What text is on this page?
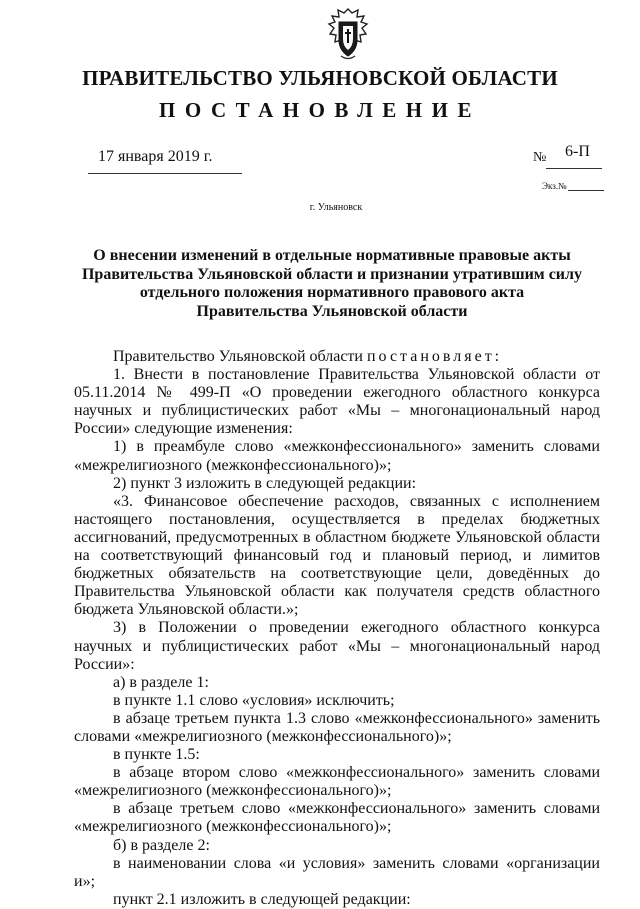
ПРАВИТЕЛЬСТВО УЛЬЯНОВСКОЙ ОБЛАСТИ
ПОСТАНОВЛЕНИЕ
17 января 2019 г.	№ 6-П
Экз.№
г. Ульяновск
О внесении изменений в отдельные нормативные правовые акты
Правительства Ульяновской области и признании утратившим силу
отдельного положения нормативного правового акта
Правительства Ульяновской области

Правительство Ульяновской области постановляет:

1. Внести в постановление Правительства Ульяновской области от 05.11.2014 № 499-П «О проведении ежегодного областного конкурса научных и публицистических работ «Мы – многонациональный народ России» следующие изменения:

1) в преамбуле слово «межконфессионального» заменить словами «межрелигиозного (межконфессионального)»;

2) пункт 3 изложить в следующей редакции:

«3. Финансовое обеспечение расходов, связанных с исполнением настоящего постановления, осуществляется в пределах бюджетных ассигнований, предусмотренных в областном бюджете Ульяновской области на соответствующий финансовый год и плановый период, и лимитов бюджетных обязательств на соответствующие цели, доведённых до Правительства Ульяновской области как получателя средств областного бюджета Ульяновской области.»;

3) в Положении о проведении ежегодного областного конкурса научных и публицистических работ «Мы – многонациональный народ России»:

а) в разделе 1:

в пункте 1.1 слово «условия» исключить;

в абзаце третьем пункта 1.3 слово «межконфессионального» заменить словами «межрелигиозного (межконфессионального)»;

в пункте 1.5:

в абзаце втором слово «межконфессионального» заменить словами «межрелигиозного (межконфессионального)»;

в абзаце третьем слово «межконфессионального» заменить словами «межрелигиозного (межконфессионального)»;

б) в разделе 2:

в наименовании слова «и условия» заменить словами «организации и»;

пункт 2.1 изложить в следующей редакции:
